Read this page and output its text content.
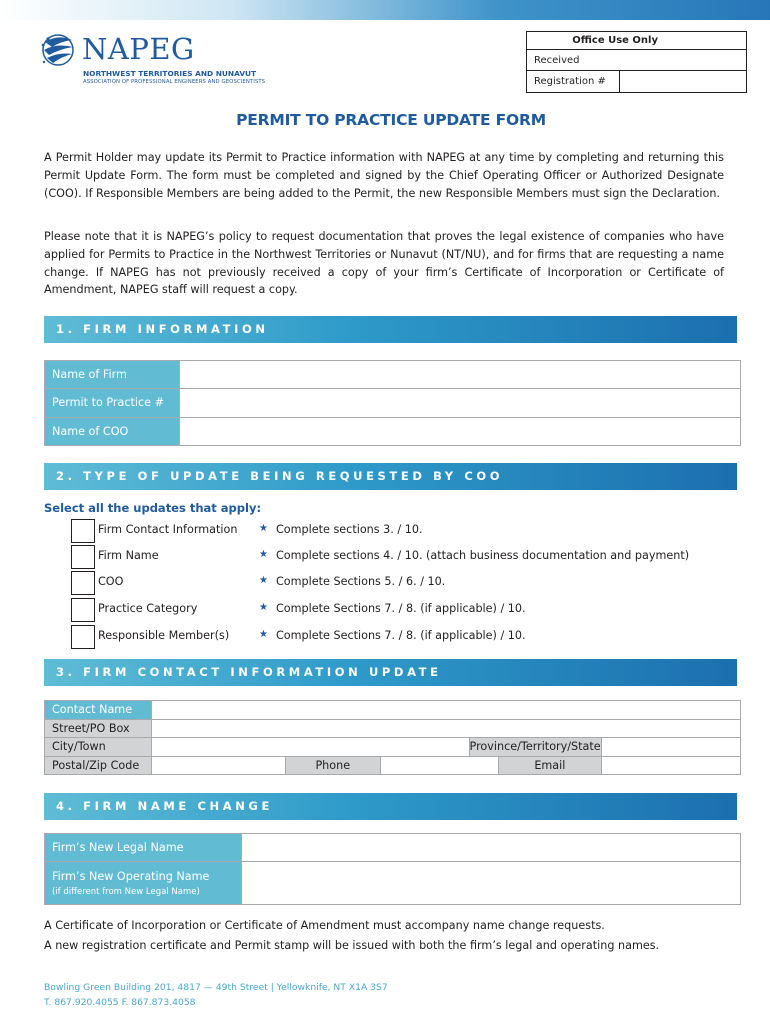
NAPEG
NORTHWEST TERRITORIES AND NUNAVUT
ASSOCIATION OF PROFESSIONAL ENGINEERS AND GEOSCIENTISTS
Office Use Only
Received
Registration #
PERMIT TO PRACTICE UPDATE FORM

A Permit Holder may update its Permit to Practice information with NAPEG at any time by completing and returning this Permit Update Form. The form must be completed and signed by the Chief Operating Officer or Authorized Designate (COO). If Responsible Members are being added to the Permit, the new Responsible Members must sign the Declaration.

Please note that it is NAPEG’s policy to request documentation that proves the legal existence of companies who have applied for Permits to Practice in the Northwest Territories or Nunavut (NT/NU), and for firms that are requesting a name change. If NAPEG has not previously received a copy of your firm’s Certificate of Incorporation or Certificate of Amendment, NAPEG staff will request a copy.

1. FIRM INFORMATION
Name of Firm	
Permit to Practice #	
Name of COO	
2. TYPE OF UPDATE BEING REQUESTED BY COO
Select all the updates that apply:
Firm Contact Information ★ Complete sections 3. / 10.
Firm Name	★ Complete sections 4. / 10. (attach business documentation and payment)
COO	★ Complete Sections 5. / 6. / 10.
Practice Category	★ Complete Sections 7. / 8. (if applicable) / 10.
Responsible Member(s)	★ Complete Sections 7. / 8. (if applicable) / 10.
3. FIRM CONTACT INFORMATION UPDATE
Contact Name						
Street/PO Box						
City/Town				Province/Territory/State		
Postal/Zip Code		Phone			Email	
4. FIRM NAME CHANGE
Firm’s New Legal Name	
Firm’s New Operating Name
(if different from New Legal Name)	

A Certificate of Incorporation or Certificate of Amendment must accompany name change requests.
A new registration certificate and Permit stamp will be issued with both the firm’s legal and operating names.
Bowling Green Building 201, 4817 — 49th Street | Yellowknife, NT X1A 3S7
T. 867.920.4055 F. 867.873.4058
